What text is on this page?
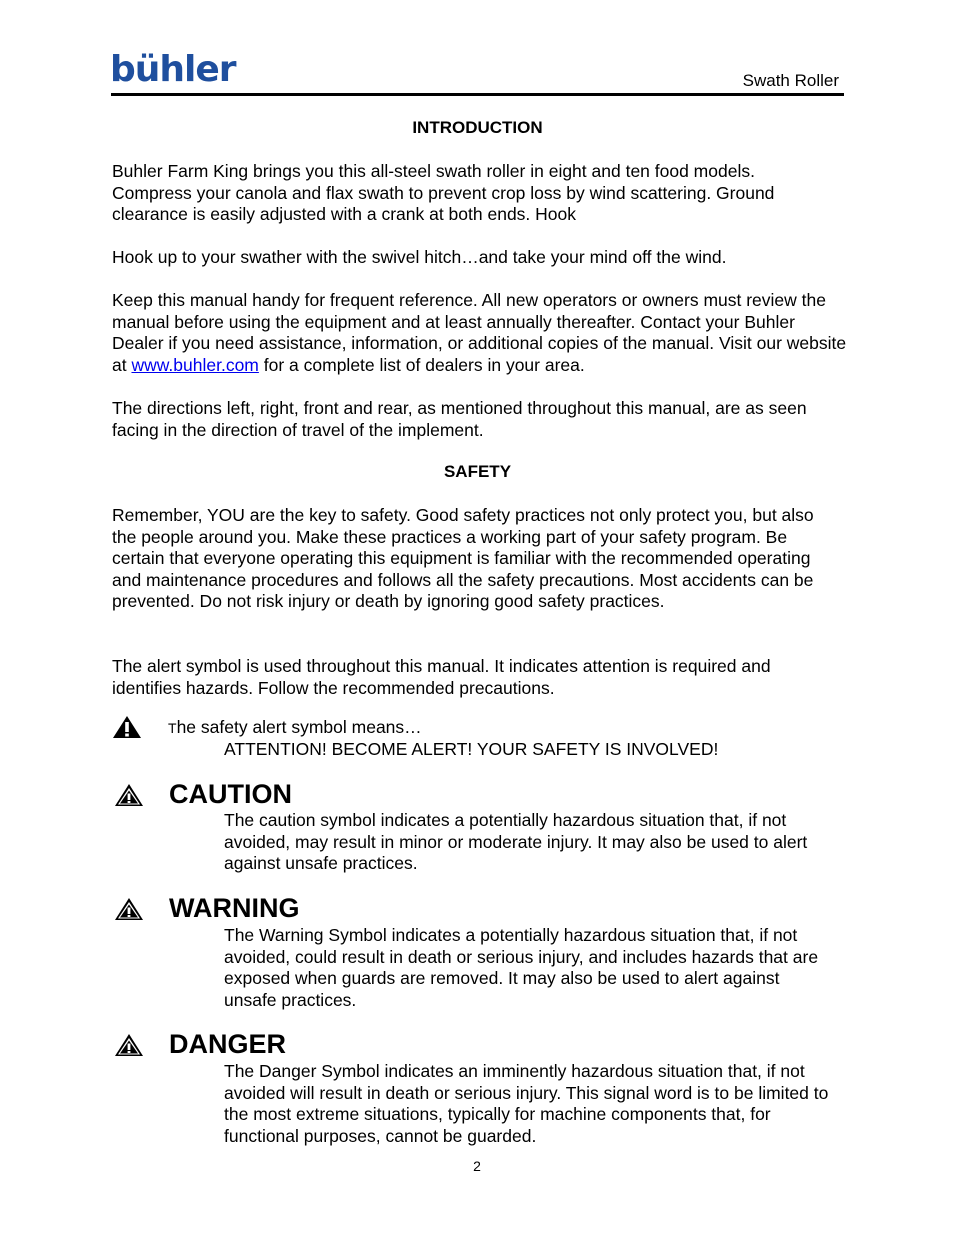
bühler	Swath Roller
INTRODUCTION
Buhler Farm King brings you this all-steel swath roller in eight and ten food models. Compress your canola and flax swath to prevent crop loss by wind scattering. Ground clearance is easily adjusted with a crank at both ends. Hook
Hook up to your swather with the swivel hitch…and take your mind off the wind.
Keep this manual handy for frequent reference. All new operators or owners must review the manual before using the equipment and at least annually thereafter. Contact your Buhler Dealer if you need assistance, information, or additional copies of the manual. Visit our website at www.buhler.com for a complete list of dealers in your area.
The directions left, right, front and rear, as mentioned throughout this manual, are as seen facing in the direction of travel of the implement.
SAFETY
Remember, YOU are the key to safety. Good safety practices not only protect you, but also the people around you. Make these practices a working part of your safety program. Be certain that everyone operating this equipment is familiar with the recommended operating and maintenance procedures and follows all the safety precautions. Most accidents can be prevented. Do not risk injury or death by ignoring good safety practices.
The alert symbol is used throughout this manual. It indicates attention is required and identifies hazards. Follow the recommended precautions.
The safety alert symbol means…
ATTENTION! BECOME ALERT! YOUR SAFETY IS INVOLVED!
CAUTION
The caution symbol indicates a potentially hazardous situation that, if not avoided, may result in minor or moderate injury. It may also be used to alert against unsafe practices.
WARNING
The Warning Symbol indicates a potentially hazardous situation that, if not avoided, could result in death or serious injury, and includes hazards that are exposed when guards are removed. It may also be used to alert against unsafe practices.
DANGER
The Danger Symbol indicates an imminently hazardous situation that, if not avoided will result in death or serious injury. This signal word is to be limited to the most extreme situations, typically for machine components that, for functional purposes, cannot be guarded.
2
